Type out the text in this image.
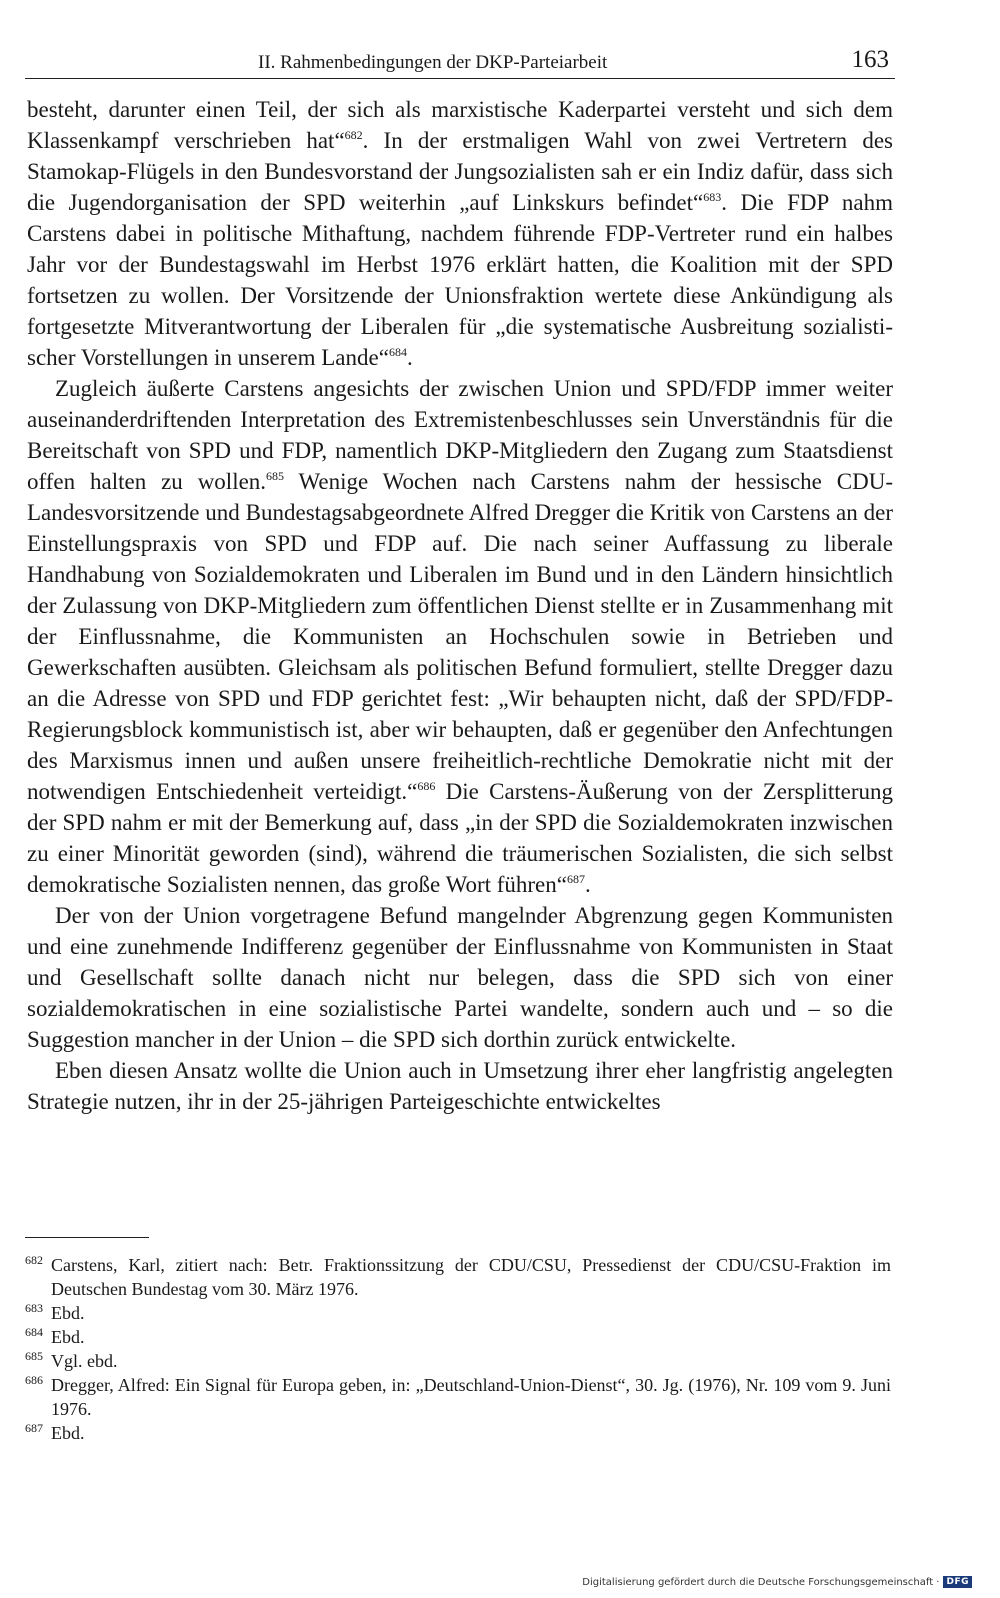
II. Rahmenbedingungen der DKP-Parteiarbeit	163

besteht, darunter einen Teil, der sich als marxistische Kaderpartei versteht und sich dem Klassenkampf verschrieben hat“$^{682}$. In der erstmaligen Wahl von zwei Vertretern des Stamokap-Flügels in den Bundesvorstand der Jungsozialisten sah er ein Indiz dafür, dass sich die Jugendorganisation der SPD weiterhin „auf Linkskurs befindet“$^{683}$. Die FDP nahm Carstens dabei in politische Mithaftung, nachdem führende FDP-Vertreter rund ein halbes Jahr vor der Bundestagswahl im Herbst 1976 erklärt hatten, die Koalition mit der SPD fortsetzen zu wollen. Der Vorsitzende der Unionsfraktion wertete diese Ankündigung als fortgesetzte Mitverantwortung der Liberalen für „die systematische Ausbreitung sozialistischer Vorstellungen in unserem Lande“$^{684}$.

Zugleich äußerte Carstens angesichts der zwischen Union und SPD/FDP immer weiter auseinanderdriftenden Interpretation des Extremistenbeschlusses sein Unverständnis für die Bereitschaft von SPD und FDP, namentlich DKP-Mitgliedern den Zugang zum Staatsdienst offen halten zu wollen.$^{685}$ Wenige Wochen nach Carstens nahm der hessische CDU-Landesvorsitzende und Bundestagsabgeordnete Alfred Dregger die Kritik von Carstens an der Einstellungspraxis von SPD und FDP auf. Die nach seiner Auffassung zu liberale Handhabung von Sozialdemokraten und Liberalen im Bund und in den Ländern hinsichtlich der Zulassung von DKP-Mitgliedern zum öffentlichen Dienst stellte er in Zusammenhang mit der Einflussnahme, die Kommunisten an Hochschulen sowie in Betrieben und Gewerkschaften ausübten. Gleichsam als politischen Befund formuliert, stellte Dregger dazu an die Adresse von SPD und FDP gerichtet fest: „Wir behaupten nicht, daß der SPD/FDP-Regierungsblock kommunistisch ist, aber wir behaupten, daß er gegenüber den Anfechtungen des Marxismus innen und außen unsere freiheitlich-rechtliche Demokratie nicht mit der notwendigen Entschiedenheit verteidigt.“$^{686}$ Die Carstens-Äußerung von der Zersplitterung der SPD nahm er mit der Bemerkung auf, dass „in der SPD die Sozialdemokraten inzwischen zu einer Minorität geworden (sind), während die träumerischen Sozialisten, die sich selbst demokratische Sozialisten nennen, das große Wort führen“$^{687}$.

Der von der Union vorgetragene Befund mangelnder Abgrenzung gegen Kommunisten und eine zunehmende Indifferenz gegenüber der Einflussnahme von Kommunisten in Staat und Gesellschaft sollte danach nicht nur belegen, dass die SPD sich von einer sozialdemokratischen in eine sozialistische Partei wandelte, sondern auch und – so die Suggestion mancher in der Union – die SPD sich dorthin zurück entwickelte.

Eben diesen Ansatz wollte die Union auch in Umsetzung ihrer eher langfristig angelegten Strategie nutzen, ihr in der 25-jährigen Parteigeschichte entwickeltes

682 Carstens, Karl, zitiert nach: Betr. Fraktionssitzung der CDU/CSU, Pressedienst der CDU/CSU-Fraktion im Deutschen Bundestag vom 30. März 1976.
683 Ebd.
684 Ebd.
685 Vgl. ebd.
686 Dregger, Alfred: Ein Signal für Europa geben, in: „Deutschland-Union-Dienst“, 30. Jg. (1976), Nr. 109 vom 9. Juni 1976.
687 Ebd.
Digitalisierung gefördert durch die Deutsche Forschungsgemeinschaft · DFG
